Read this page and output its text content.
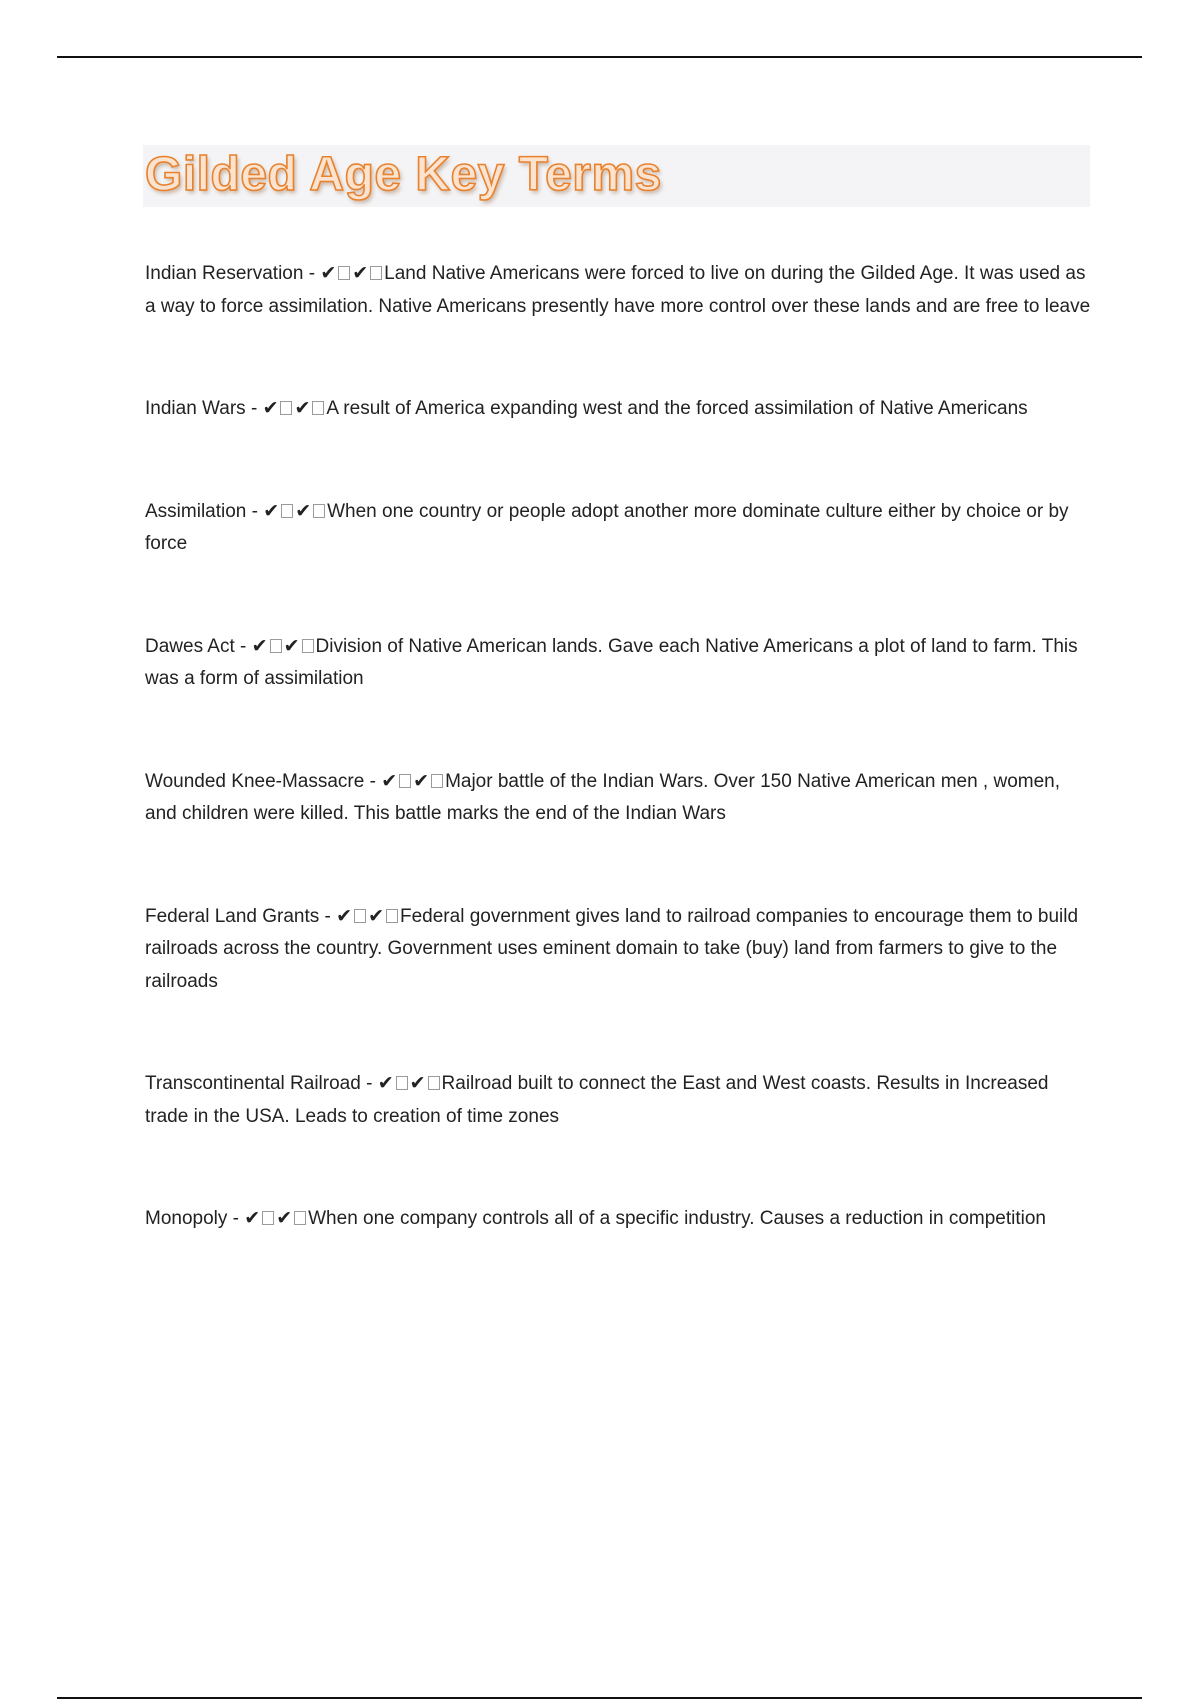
Gilded Age Key Terms

Indian Reservation - ✔ ✔ Land Native Americans were forced to live on during the Gilded Age. It was used as a way to force assimilation. Native Americans presently have more control over these lands and are free to leave

Indian Wars - ✔ ✔ A result of America expanding west and the forced assimilation of Native Americans

Assimilation - ✔ ✔ When one country or people adopt another more dominate culture either by choice or by force

Dawes Act - ✔ ✔ Division of Native American lands. Gave each Native Americans a plot of land to farm. This was a form of assimilation

Wounded Knee-Massacre - ✔ ✔ Major battle of the Indian Wars. Over 150 Native American men , women, and children were killed. This battle marks the end of the Indian Wars

Federal Land Grants - ✔ ✔ Federal government gives land to railroad companies to encourage them to build railroads across the country. Government uses eminent domain to take (buy) land from farmers to give to the railroads

Transcontinental Railroad - ✔ ✔ Railroad built to connect the East and West coasts. Results in Increased trade in the USA. Leads to creation of time zones

Monopoly - ✔ ✔ When one company controls all of a specific industry. Causes a reduction in competition
